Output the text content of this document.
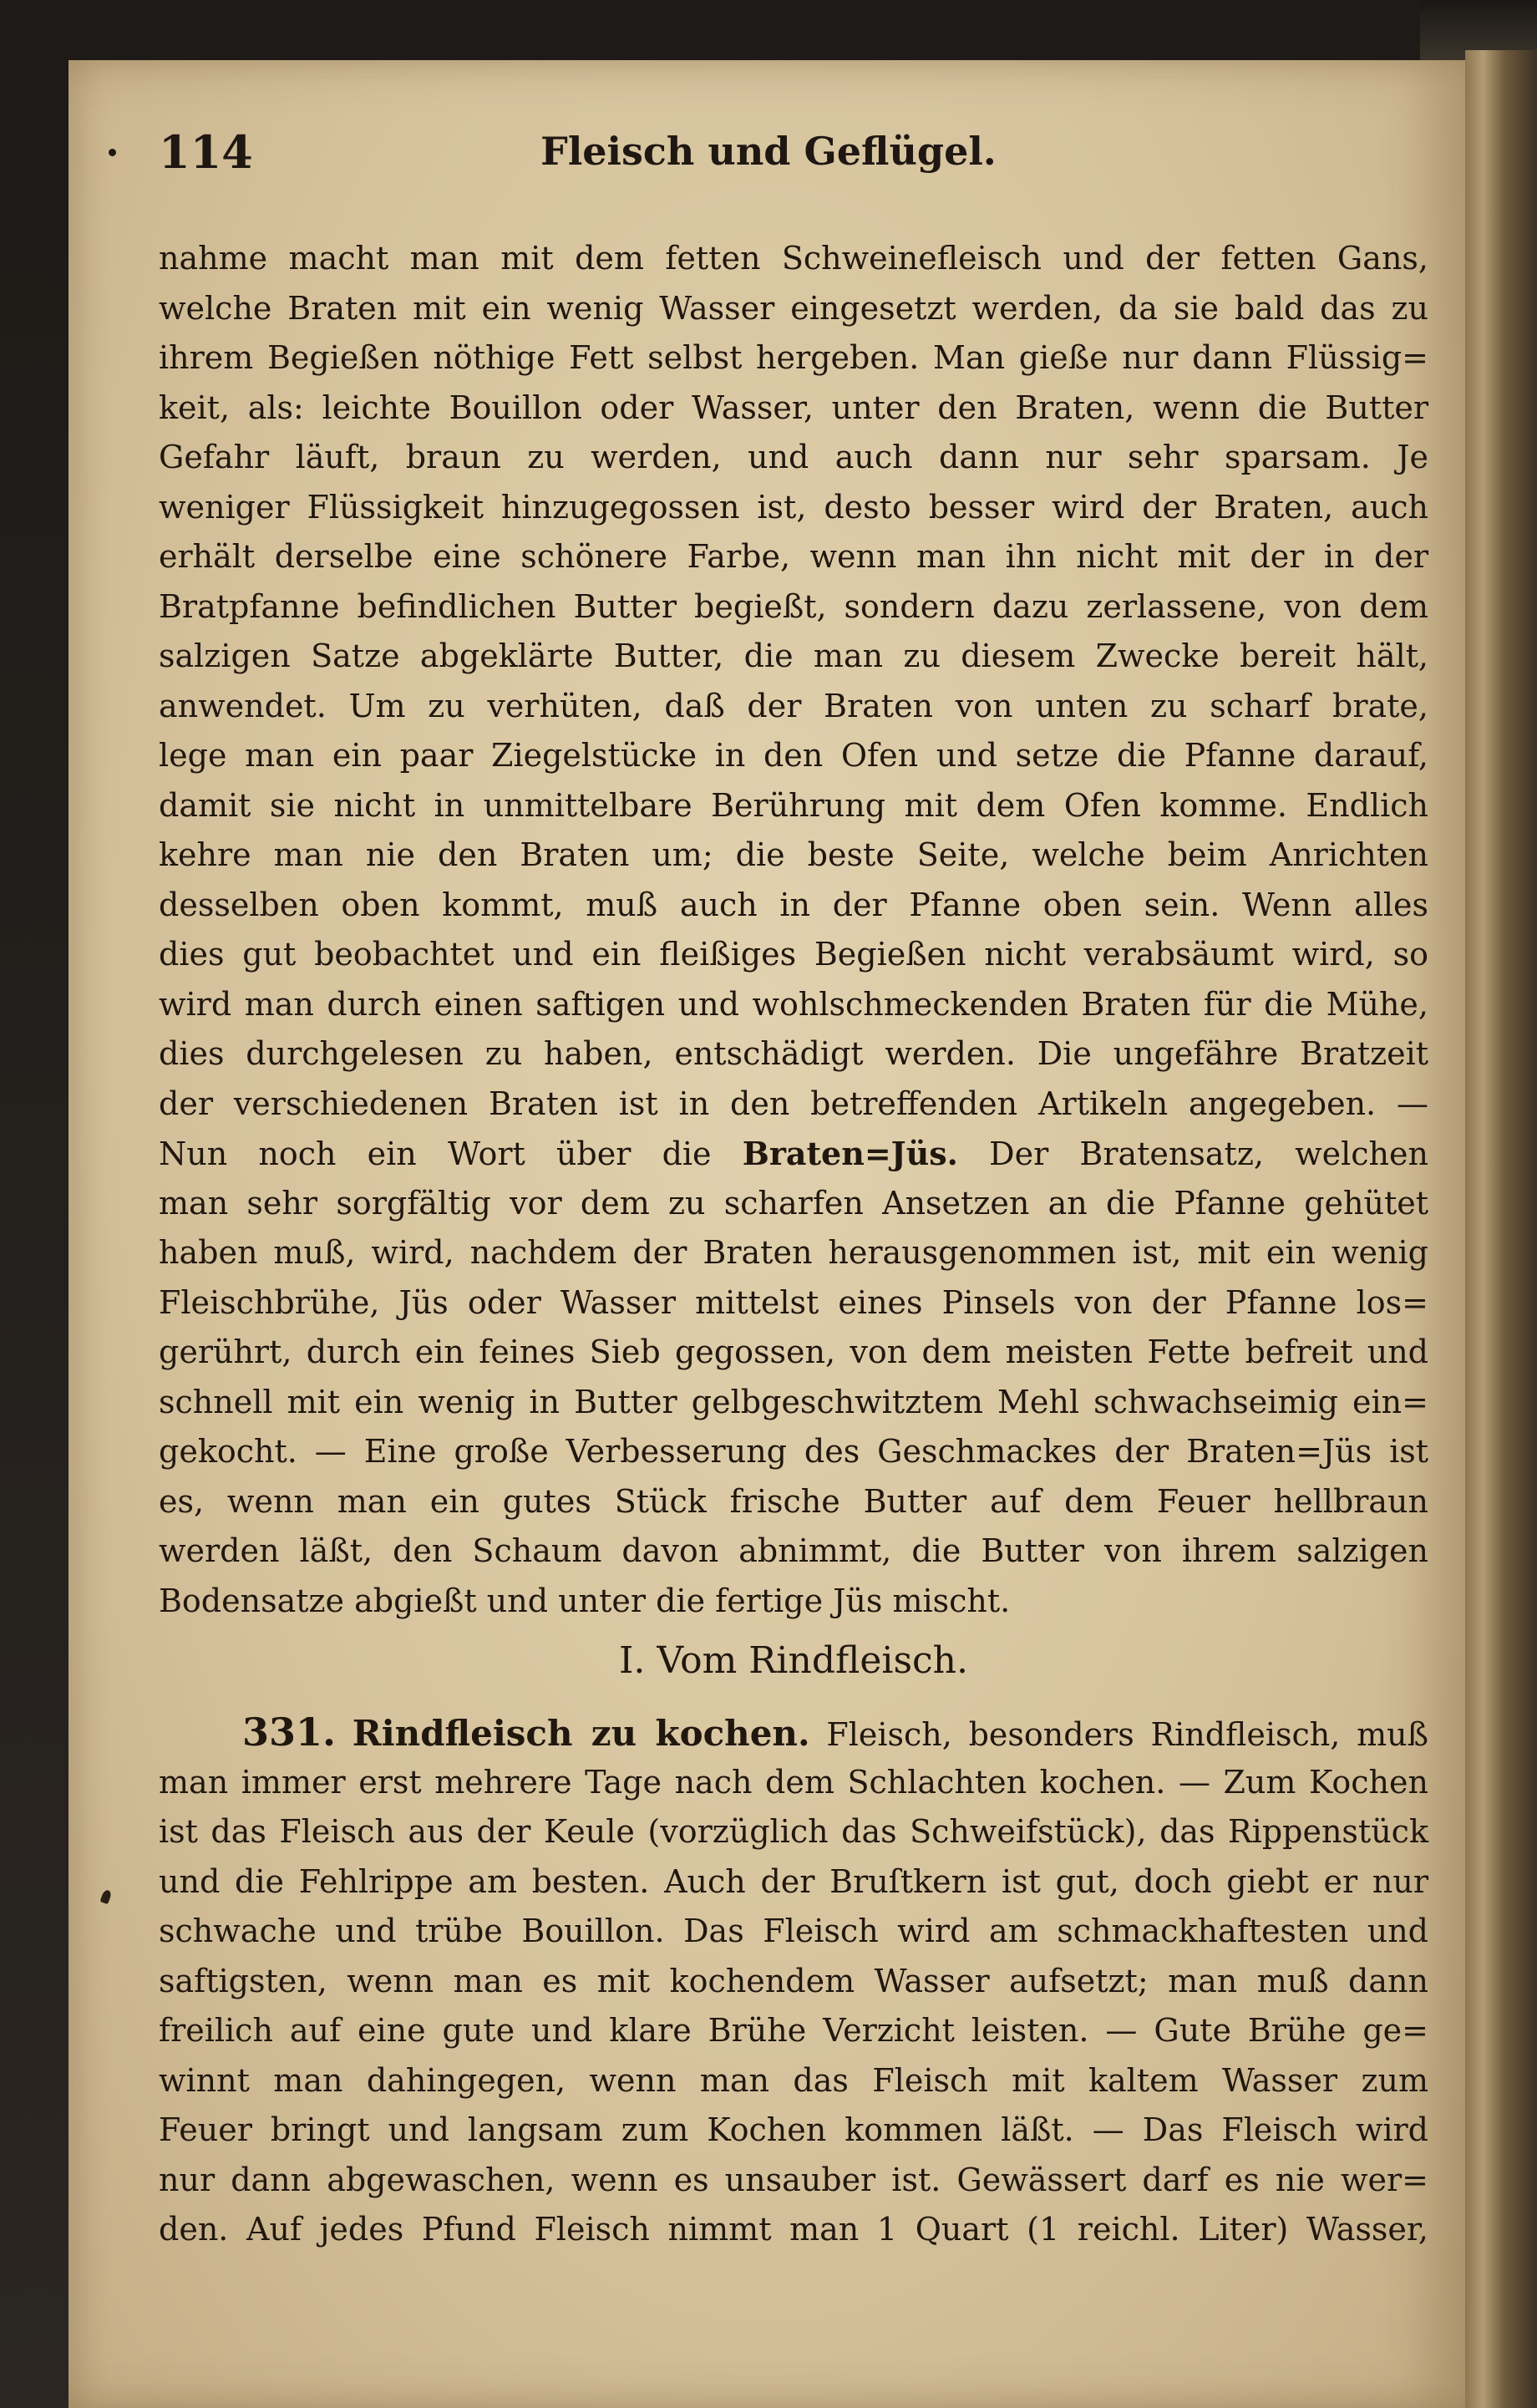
114	Fleisch und Geflügel.
nahme macht man mit dem fetten Schweinefleisch und der fetten Gans,
welche Braten mit ein wenig Wasser eingesetzt werden, da sie bald das zu
ihrem Begießen nöthige Fett selbst hergeben. Man gieße nur dann Flüssig=
keit, als: leichte Bouillon oder Wasser, unter den Braten, wenn die Butter
Gefahr läuft, braun zu werden, und auch dann nur sehr sparsam. Je
weniger Flüssigkeit hinzugegossen ist, desto besser wird der Braten, auch
erhält derselbe eine schönere Farbe, wenn man ihn nicht mit der in der
Bratpfanne befindlichen Butter begießt, sondern dazu zerlassene, von dem
salzigen Satze abgeklärte Butter, die man zu diesem Zwecke bereit hält,
anwendet. Um zu verhüten, daß der Braten von unten zu scharf brate,
lege man ein paar Ziegelstücke in den Ofen und setze die Pfanne darauf,
damit sie nicht in unmittelbare Berührung mit dem Ofen komme. Endlich
kehre man nie den Braten um; die beste Seite, welche beim Anrichten
desselben oben kommt, muß auch in der Pfanne oben sein. Wenn alles
dies gut beobachtet und ein fleißiges Begießen nicht verabsäumt wird, so
wird man durch einen saftigen und wohlschmeckenden Braten für die Mühe,
dies durchgelesen zu haben, entschädigt werden. Die ungefähre Bratzeit
der verschiedenen Braten ist in den betreffenden Artikeln angegeben. —
Nun noch ein Wort über die Braten=Jüs. Der Bratensatz, welchen
man sehr sorgfältig vor dem zu scharfen Ansetzen an die Pfanne gehütet
haben muß, wird, nachdem der Braten herausgenommen ist, mit ein wenig
Fleischbrühe, Jüs oder Wasser mittelst eines Pinsels von der Pfanne los=
gerührt, durch ein feines Sieb gegossen, von dem meisten Fette befreit und
schnell mit ein wenig in Butter gelbgeschwitztem Mehl schwachseimig ein=
gekocht. — Eine große Verbesserung des Geschmackes der Braten=Jüs ist
es, wenn man ein gutes Stück frische Butter auf dem Feuer hellbraun
werden läßt, den Schaum davon abnimmt, die Butter von ihrem salzigen
Bodensatze abgießt und unter die fertige Jüs mischt.
I. Vom Rindfleisch.
331. Rindfleisch zu kochen. Fleisch, besonders Rindfleisch, muß
man immer erst mehrere Tage nach dem Schlachten kochen. — Zum Kochen
ist das Fleisch aus der Keule (vorzüglich das Schweifstück), das Rippenstück
und die Fehlrippe am besten. Auch der Bruſtkern ist gut, doch giebt er nur
schwache und trübe Bouillon. Das Fleisch wird am schmackhaftesten und
saftigsten, wenn man es mit kochendem Wasser aufsetzt; man muß dann
freilich auf eine gute und klare Brühe Verzicht leisten. — Gute Brühe ge=
winnt man dahingegen, wenn man das Fleisch mit kaltem Wasser zum
Feuer bringt und langsam zum Kochen kommen läßt. — Das Fleisch wird
nur dann abgewaschen, wenn es unsauber ist. Gewässert darf es nie wer=
den. Auf jedes Pfund Fleisch nimmt man 1 Quart (1 reichl. Liter) Wasser,
